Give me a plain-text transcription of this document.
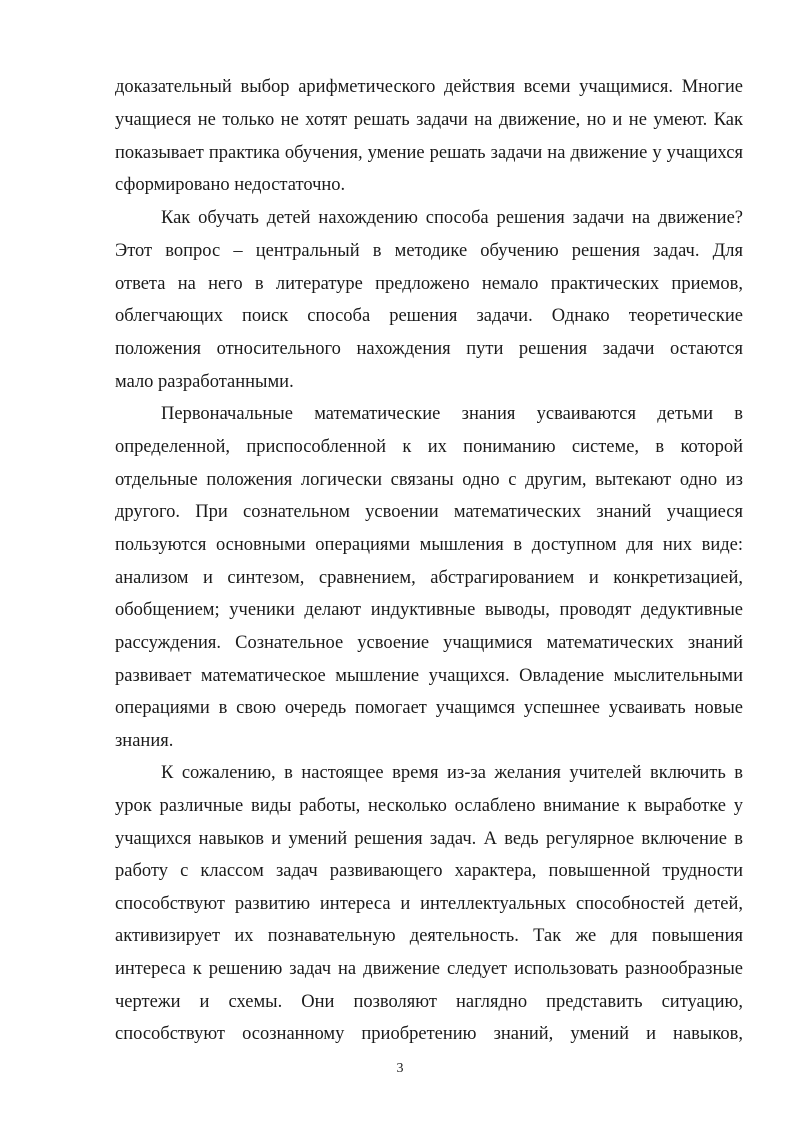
доказательный выбор арифметического действия всеми учащимися. Многие
учащиеся не только не хотят решать задачи на движение, но и не умеют. Как
показывает практика обучения, умение решать задачи на движение у учащихся
сформировано недостаточно.
Как обучать детей нахождению способа решения задачи на движение?
Этот вопрос – центральный в методике обучению решения задач. Для
ответа на него в литературе предложено немало практических приемов,
облегчающих поиск способа решения задачи. Однако теоретические
положения относительного нахождения пути решения задачи остаются
мало разработанными.
Первоначальные математические знания усваиваются детьми в
определенной, приспособленной к их пониманию системе, в которой
отдельные положения логически связаны одно с другим, вытекают одно из
другого. При сознательном усвоении математических знаний учащиеся
пользуются основными операциями мышления в доступном для них виде:
анализом и синтезом, сравнением, абстрагированием и конкретизацией,
обобщением; ученики делают индуктивные выводы, проводят дедуктивные
рассуждения. Сознательное усвоение учащимися математических знаний
развивает математическое мышление учащихся. Овладение мыслительными
операциями в свою очередь помогает учащимся успешнее усваивать новые
знания.
К сожалению, в настоящее время из-за желания учителей включить в
урок различные виды работы, несколько ослаблено внимание к выработке у
учащихся навыков и умений решения задач. А ведь регулярное включение в
работу с классом задач развивающего характера, повышенной трудности
способствуют развитию интереса и интеллектуальных способностей детей,
активизирует их познавательную деятельность. Так же для повышения
интереса к решению задач на движение следует использовать разнообразные
чертежи и схемы. Они позволяют наглядно представить ситуацию,
способствуют осознанному приобретению знаний, умений и навыков,
3
